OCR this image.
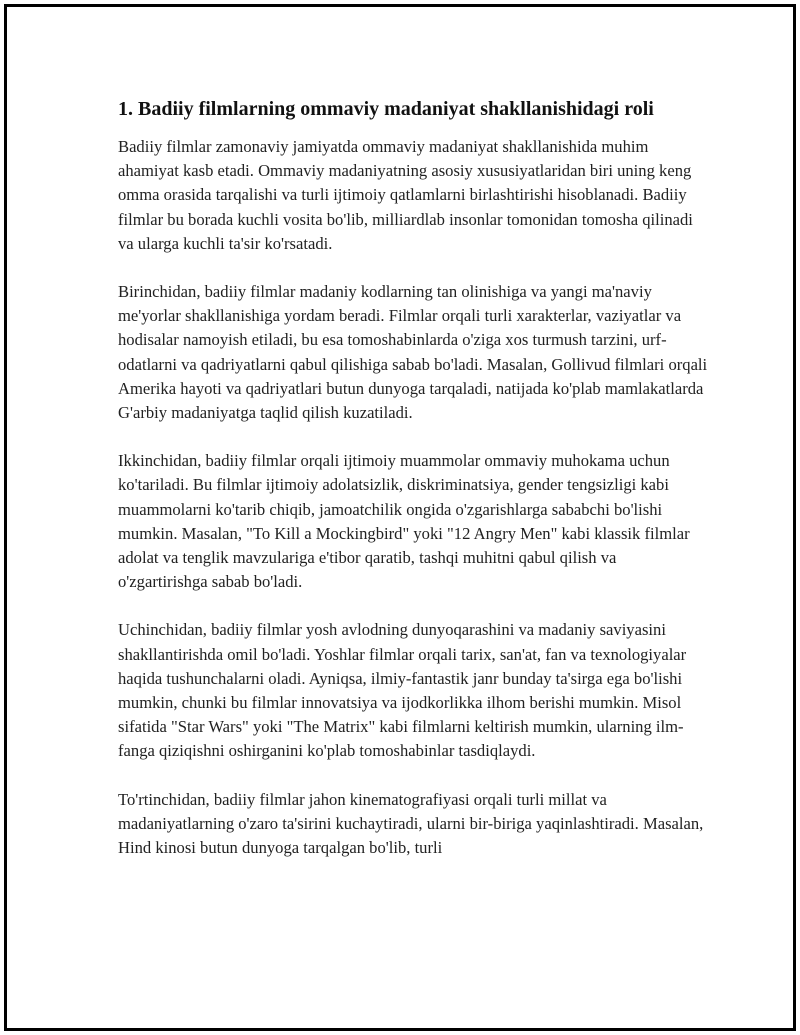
1. Badiiy filmlarning ommaviy madaniyat shakllanishidagi roli

Badiiy filmlar zamonaviy jamiyatda ommaviy madaniyat shakllanishida muhim ahamiyat kasb etadi. Ommaviy madaniyatning asosiy xususiyatlaridan biri uning keng omma orasida tarqalishi va turli ijtimoiy qatlamlarni birlashtirishi hisoblanadi. Badiiy filmlar bu borada kuchli vosita bo'lib, milliardlab insonlar tomonidan tomosha qilinadi va ularga kuchli ta'sir ko'rsatadi.

Birinchidan, badiiy filmlar madaniy kodlarning tan olinishiga va yangi ma'naviy me'yorlar shakllanishiga yordam beradi. Filmlar orqali turli xarakterlar, vaziyatlar va hodisalar namoyish etiladi, bu esa tomoshabinlarda o'ziga xos turmush tarzini, urf-odatlarni va qadriyatlarni qabul qilishiga sabab bo'ladi. Masalan, Gollivud filmlari orqali Amerika hayoti va qadriyatlari butun dunyoga tarqaladi, natijada ko'plab mamlakatlarda G'arbiy madaniyatga taqlid qilish kuzatiladi.

Ikkinchidan, badiiy filmlar orqali ijtimoiy muammolar ommaviy muhokama uchun ko'tariladi. Bu filmlar ijtimoiy adolatsizlik, diskriminatsiya, gender tengsizligi kabi muammolarni ko'tarib chiqib, jamoatchilik ongida o'zgarishlarga sababchi bo'lishi mumkin. Masalan, "To Kill a Mockingbird" yoki "12 Angry Men" kabi klassik filmlar adolat va tenglik mavzulariga e'tibor qaratib, tashqi muhitni qabul qilish va o'zgartirishga sabab bo'ladi.

Uchinchidan, badiiy filmlar yosh avlodning dunyoqarashini va madaniy saviyasini shakllantirishda omil bo'ladi. Yoshlar filmlar orqali tarix, san'at, fan va texnologiyalar haqida tushunchalarni oladi. Ayniqsa, ilmiy-fantastik janr bunday ta'sirga ega bo'lishi mumkin, chunki bu filmlar innovatsiya va ijodkorlikka ilhom berishi mumkin. Misol sifatida "Star Wars" yoki "The Matrix" kabi filmlarni keltirish mumkin, ularning ilm-fanga qiziqishni oshirganini ko'plab tomoshabinlar tasdiqlaydi.

To'rtinchidan, badiiy filmlar jahon kinematografiyasi orqali turli millat va madaniyatlarning o'zaro ta'sirini kuchaytiradi, ularni bir-biriga yaqinlashtiradi. Masalan, Hind kinosi butun dunyoga tarqalgan bo'lib, turli
